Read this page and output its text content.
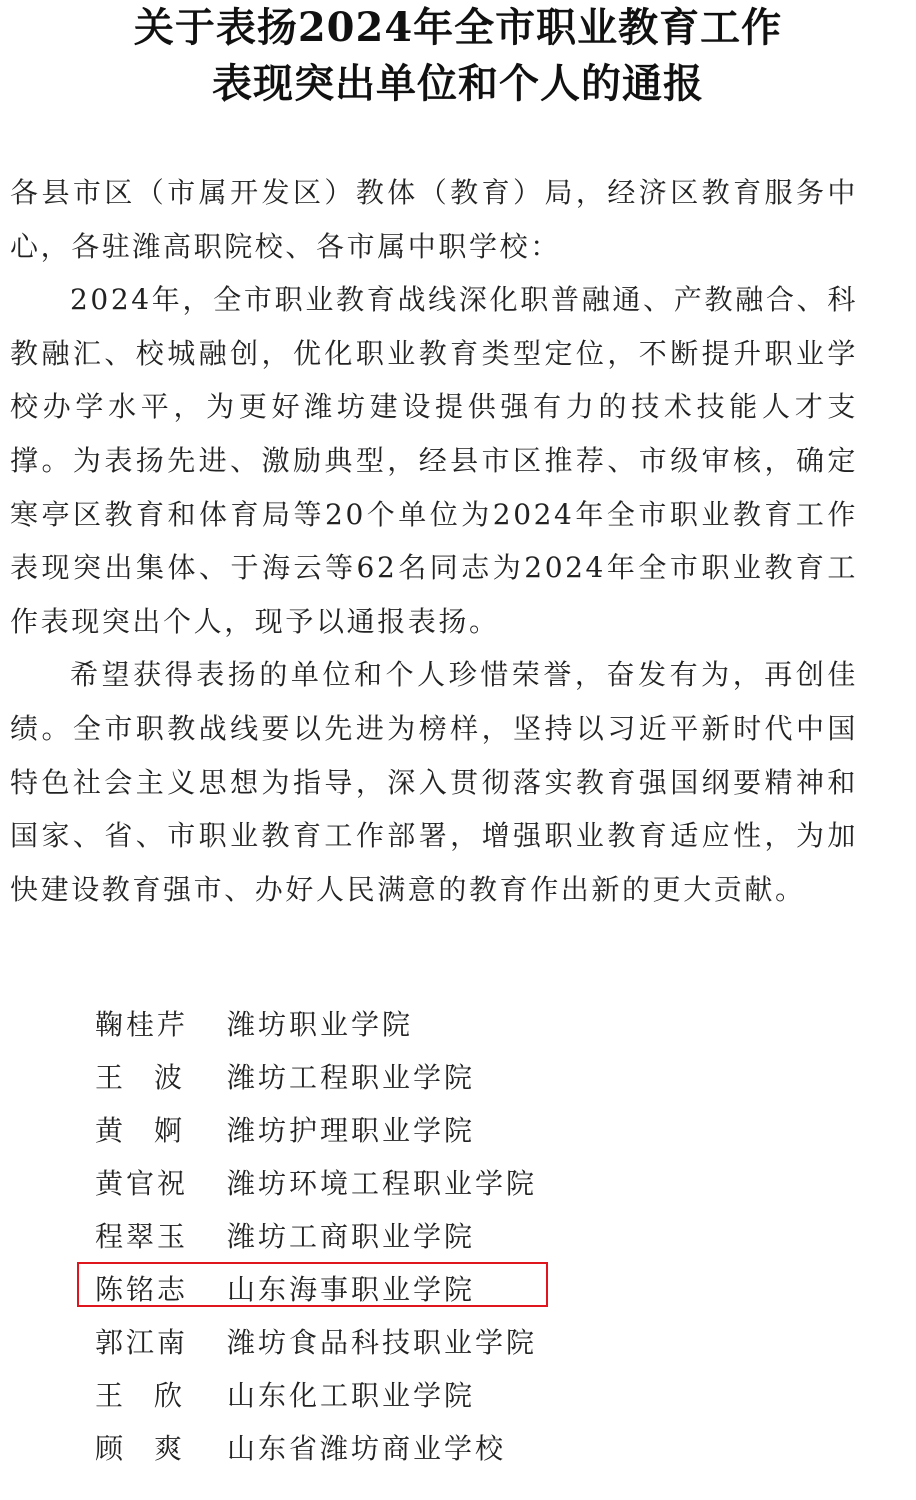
关于表扬2024年全市职业教育工作
表现突出单位和个人的通报

各县市区（市属开发区）教体（教育）局，经济区教育服务中心，各驻潍高职院校、各市属中职学校：

2024年，全市职业教育战线深化职普融通、产教融合、科教融汇、校城融创，优化职业教育类型定位，不断提升职业学校办学水平，为更好潍坊建设提供强有力的技术技能人才支撑。为表扬先进、激励典型，经县市区推荐、市级审核，确定寒亭区教育和体育局等20个单位为2024年全市职业教育工作表现突出集体、于海云等62名同志为2024年全市职业教育工作表现突出个人，现予以通报表扬。

希望获得表扬的单位和个人珍惜荣誉，奋发有为，再创佳绩。全市职教战线要以先进为榜样，坚持以习近平新时代中国特色社会主义思想为指导，深入贯彻落实教育强国纲要精神和国家、省、市职业教育工作部署，增强职业教育适应性，为加快建设教育强市、办好人民满意的教育作出新的更大贡献。

鞠桂芹	潍坊职业学院
王 波 潍坊工程职业学院
黄 婀 潍坊护理职业学院
黄官祝	潍坊环境工程职业学院
程翠玉	潍坊工商职业学院
陈铭志	山东海事职业学院
郭江南	潍坊食品科技职业学院
王 欣 山东化工职业学院
顾 爽 山东省潍坊商业学校
